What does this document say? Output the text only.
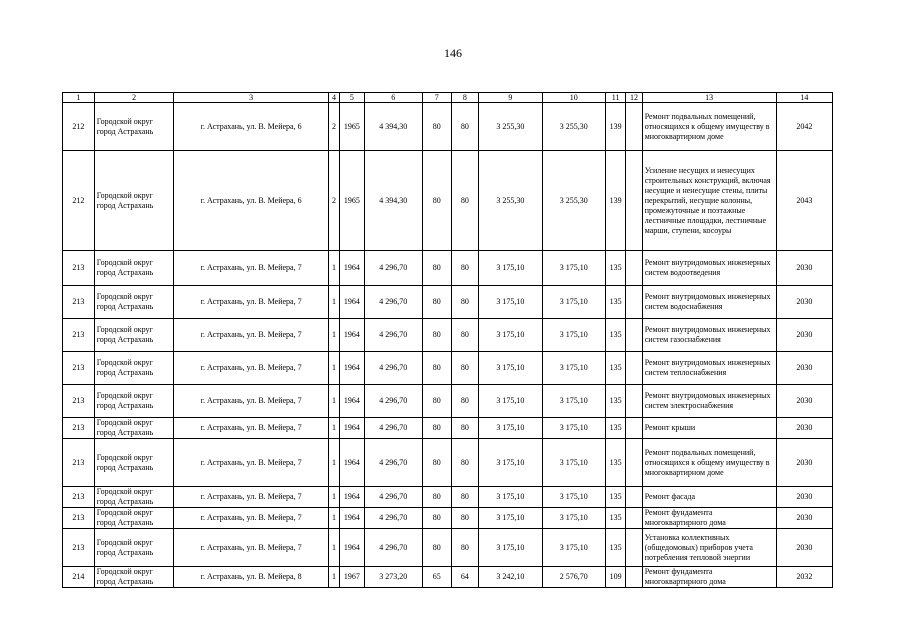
146
1	2	3	4	5	6	7	8	9	10	11	12	13	14
212	Городской округ город Астрахань	г. Астрахань, ул. В. Мейера, 6	2	1965	4 394,30	80	80	3 255,30	3 255,30	139		Ремонт подвальных помещений, относящихся к общему имуществу в многоквартирном доме	2042
212	Городской округ город Астрахань	г. Астрахань, ул. В. Мейера, 6	2	1965	4 394,30	80	80	3 255,30	3 255,30	139		Усиление несущих и ненесущих строительных конструкций, включая несущие и ненесущие стены, плиты перекрытий, несущие колонны, промежуточные и поэтажные лестничные площадки, лестничные марши, ступени, косоуры	2043
213	Городской округ город Астрахань	г. Астрахань, ул. В. Мейера, 7	1	1964	4 296,70	80	80	3 175,10	3 175,10	135		Ремонт внутридомовых инженерных систем водоотведения	2030
213	Городской округ город Астрахань	г. Астрахань, ул. В. Мейера, 7	1	1964	4 296,70	80	80	3 175,10	3 175,10	135		Ремонт внутридомовых инженерных систем водоснабжения	2030
213	Городской округ город Астрахань	г. Астрахань, ул. В. Мейера, 7	1	1964	4 296,70	80	80	3 175,10	3 175,10	135		Ремонт внутридомовых инженерных систем газоснабжения	2030
213	Городской округ город Астрахань	г. Астрахань, ул. В. Мейера, 7	1	1964	4 296,70	80	80	3 175,10	3 175,10	135		Ремонт внутридомовых инженерных систем теплоснабжения	2030
213	Городской округ город Астрахань	г. Астрахань, ул. В. Мейера, 7	1	1964	4 296,70	80	80	3 175,10	3 175,10	135		Ремонт внутридомовых инженерных систем электроснабжения	2030
213	Городской округ город Астрахань	г. Астрахань, ул. В. Мейера, 7	1	1964	4 296,70	80	80	3 175,10	3 175,10	135		Ремонт крыши	2030
213	Городской округ город Астрахань	г. Астрахань, ул. В. Мейера, 7	1	1964	4 296,70	80	80	3 175,10	3 175,10	135		Ремонт подвальных помещений, относящихся к общему имуществу в многоквартирном доме	2030
213	Городской округ город Астрахань	г. Астрахань, ул. В. Мейера, 7	1	1964	4 296,70	80	80	3 175,10	3 175,10	135		Ремонт фасада	2030
213	Городской округ город Астрахань	г. Астрахань, ул. В. Мейера, 7	1	1964	4 296,70	80	80	3 175,10	3 175,10	135		Ремонт фундамента многоквартирного дома	2030
213	Городской округ город Астрахань	г. Астрахань, ул. В. Мейера, 7	1	1964	4 296,70	80	80	3 175,10	3 175,10	135		Установка коллективных (общедомовых) приборов учета потребления тепловой энергии	2030
214	Городской округ город Астрахань	г. Астрахань, ул. В. Мейера, 8	1	1967	3 273,20	65	64	3 242,10	2 576,70	109		Ремонт фундамента многоквартирного дома	2032
